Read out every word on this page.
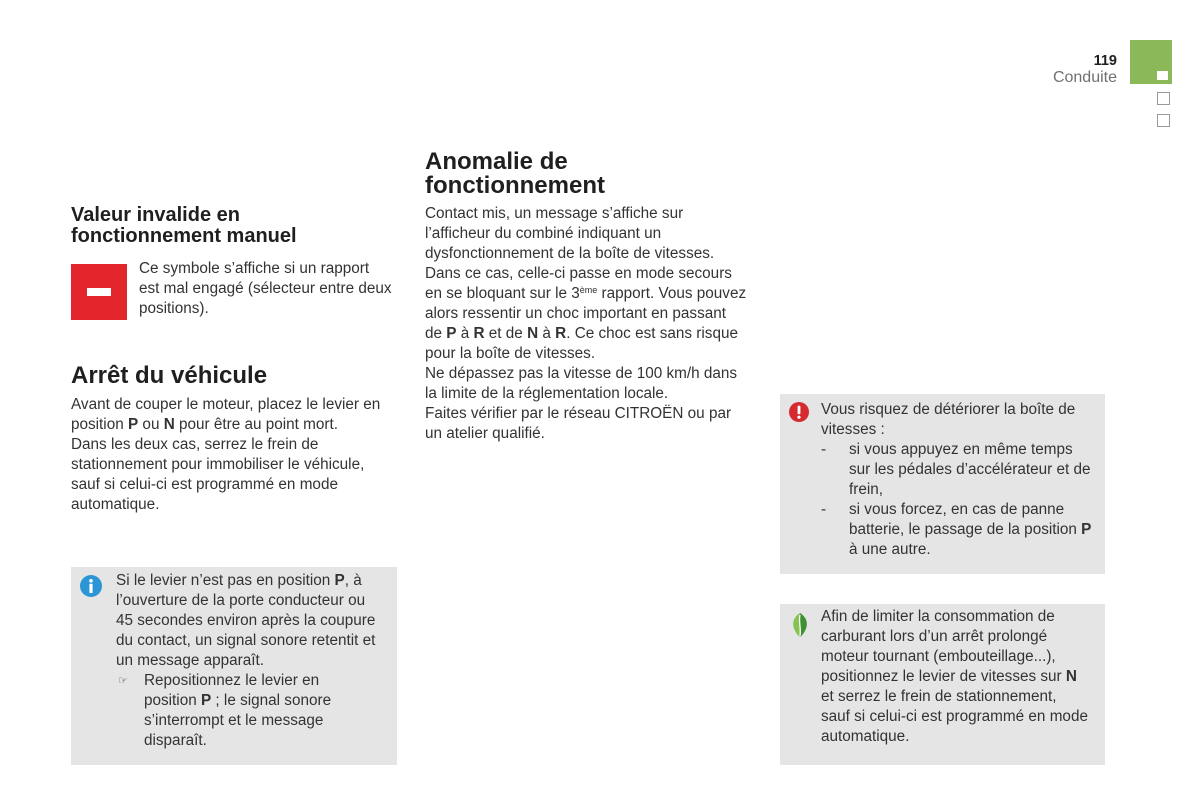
119
Conduite
Valeur invalide en
fonctionnement manuel
Ce symbole s’affiche si un rapport
est mal engagé (sélecteur entre deux
positions).
Arrêt du véhicule
Avant de couper le moteur, placez le levier en
position P ou N pour être au point mort.
Dans les deux cas, serrez le frein de
stationnement pour immobiliser le véhicule,
sauf si celui-ci est programmé en mode
automatique.
Si le levier n’est pas en position P, à
l’ouverture de la porte conducteur ou
45 secondes environ après la coupure
du contact, un signal sonore retentit et
un message apparaît.
☞
Repositionnez le levier en
position P ; le signal sonore
s’interrompt et le message
disparaît.
Anomalie de
fonctionnement
Contact mis, un message s’affiche sur
l’afficheur du combiné indiquant un
dysfonctionnement de la boîte de vitesses.
Dans ce cas, celle-ci passe en mode secours
en se bloquant sur le 3ème rapport. Vous pouvez
alors ressentir un choc important en passant
de P à R et de N à R. Ce choc est sans risque
pour la boîte de vitesses.
Ne dépassez pas la vitesse de 100 km/h dans
la limite de la réglementation locale.
Faites vérifier par le réseau CITROËN ou par
un atelier qualifié.
Vous risquez de détériorer la boîte de
vitesses :
- si vous appuyez en même temps
sur les pédales d’accélérateur et de
frein,
- si vous forcez, en cas de panne
batterie, le passage de la position P
à une autre.
Afin de limiter la consommation de
carburant lors d’un arrêt prolongé
moteur tournant (embouteillage...),
positionnez le levier de vitesses sur N
et serrez le frein de stationnement,
sauf si celui-ci est programmé en mode
automatique.
